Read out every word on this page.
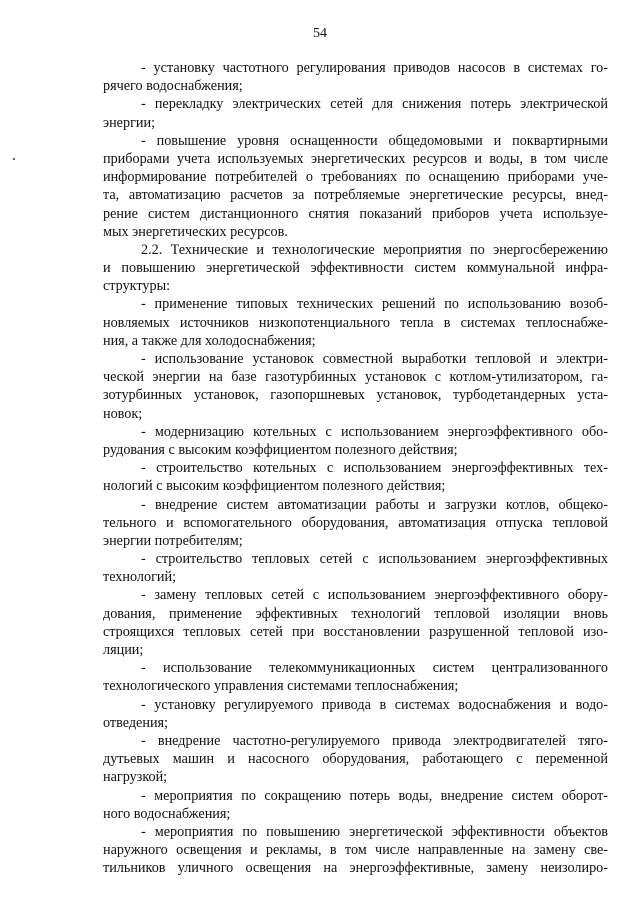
54
- установку частотного регулирования приводов насосов в системах го-
рячего водоснабжения;
- перекладку электрических сетей для снижения потерь электрической
энергии;
- повышение уровня оснащенности общедомовыми и поквартирными
приборами учета используемых энергетических ресурсов и воды, в том числе
информирование потребителей о требованиях по оснащению приборами уче-
та, автоматизацию расчетов за потребляемые энергетические ресурсы, внед-
рение систем дистанционного снятия показаний приборов учета используе-
мых энергетических ресурсов.
2.2. Технические и технологические мероприятия по энергосбережению
и повышению энергетической эффективности систем коммунальной инфра-
структуры:
- применение типовых технических решений по использованию возоб-
новляемых источников низкопотенциального тепла в системах теплоснабже-
ния, а также для холодоснабжения;
- использование установок совместной выработки тепловой и электри-
ческой энергии на базе газотурбинных установок с котлом-утилизатором, га-
зотурбинных установок, газопоршневых установок, турбодетандерных уста-
новок;
- модернизацию котельных с использованием энергоэффективного обо-
рудования с высоким коэффициентом полезного действия;
- строительство котельных с использованием энергоэффективных тех-
нологий с высоким коэффициентом полезного действия;
- внедрение систем автоматизации работы и загрузки котлов, общеко-
тельного и вспомогательного оборудования, автоматизация отпуска тепловой
энергии потребителям;
- строительство тепловых сетей с использованием энергоэффективных
технологий;
- замену тепловых сетей с использованием энергоэффективного обору-
дования, применение эффективных технологий тепловой изоляции вновь
строящихся тепловых сетей при восстановлении разрушенной тепловой изо-
ляции;
- использование телекоммуникационных систем централизованного
технологического управления системами теплоснабжения;
- установку регулируемого привода в системах водоснабжения и водо-
отведения;
- внедрение частотно-регулируемого привода электродвигателей тяго-
дутьевых машин и насосного оборудования, работающего с переменной
нагрузкой;
- мероприятия по сокращению потерь воды, внедрение систем оборот-
ного водоснабжения;
- мероприятия по повышению энергетической эффективности объектов
наружного освещения и рекламы, в том числе направленные на замену све-
тильников уличного освещения на энергоэффективные, замену неизолиро-
